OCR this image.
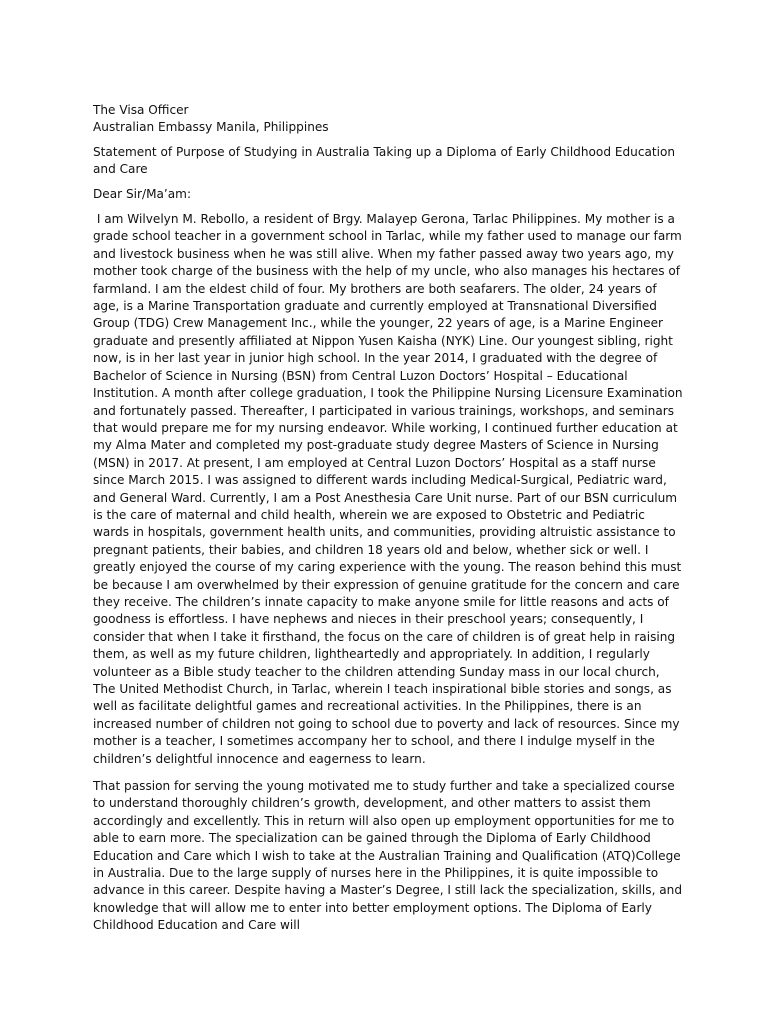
The Visa Officer

Australian Embassy Manila, Philippines

Statement of Purpose of Studying in Australia Taking up a Diploma of Early Childhood Education and Care

Dear Sir/Ma’am:

I am Wilvelyn M. Rebollo, a resident of Brgy. Malayep Gerona, Tarlac Philippines. My mother is a grade school teacher in a government school in Tarlac, while my father used to manage our farm and livestock business when he was still alive. When my father passed away two years ago, my mother took charge of the business with the help of my uncle, who also manages his hectares of farmland. I am the eldest child of four. My brothers are both seafarers. The older, 24 years of age, is a Marine Transportation graduate and currently employed at Transnational Diversified Group (TDG) Crew Management Inc., while the younger, 22 years of age, is a Marine Engineer graduate and presently affiliated at Nippon Yusen Kaisha (NYK) Line. Our youngest sibling, right now, is in her last year in junior high school. In the year 2014, I graduated with the degree of Bachelor of Science in Nursing (BSN) from Central Luzon Doctors’ Hospital – Educational Institution. A month after college graduation, I took the Philippine Nursing Licensure Examination and fortunately passed. Thereafter, I participated in various trainings, workshops, and seminars that would prepare me for my nursing endeavor. While working, I continued further education at my Alma Mater and completed my post-graduate study degree Masters of Science in Nursing (MSN) in 2017. At present, I am employed at Central Luzon Doctors’ Hospital as a staff nurse since March 2015. I was assigned to different wards including Medical-Surgical, Pediatric ward, and General Ward. Currently, I am a Post Anesthesia Care Unit nurse. Part of our BSN curriculum is the care of maternal and child health, wherein we are exposed to Obstetric and Pediatric wards in hospitals, government health units, and communities, providing altruistic assistance to pregnant patients, their babies, and children 18 years old and below, whether sick or well. I greatly enjoyed the course of my caring experience with the young. The reason behind this must be because I am overwhelmed by their expression of genuine gratitude for the concern and care they receive. The children’s innate capacity to make anyone smile for little reasons and acts of goodness is effortless. I have nephews and nieces in their preschool years; consequently, I consider that when I take it firsthand, the focus on the care of children is of great help in raising them, as well as my future children, lightheartedly and appropriately. In addition, I regularly volunteer as a Bible study teacher to the children attending Sunday mass in our local church, The United Methodist Church, in Tarlac, wherein I teach inspirational bible stories and songs, as well as facilitate delightful games and recreational activities. In the Philippines, there is an increased number of children not going to school due to poverty and lack of resources. Since my mother is a teacher, I sometimes accompany her to school, and there I indulge myself in the children’s delightful innocence and eagerness to learn.

That passion for serving the young motivated me to study further and take a specialized course to understand thoroughly children’s growth, development, and other matters to assist them accordingly and excellently. This in return will also open up employment opportunities for me to able to earn more. The specialization can be gained through the Diploma of Early Childhood Education and Care which I wish to take at the Australian Training and Qualification (ATQ)College in Australia. Due to the large supply of nurses here in the Philippines, it is quite impossible to advance in this career. Despite having a Master’s Degree, I still lack the specialization, skills, and knowledge that will allow me to enter into better employment options. The Diploma of Early Childhood Education and Care will
